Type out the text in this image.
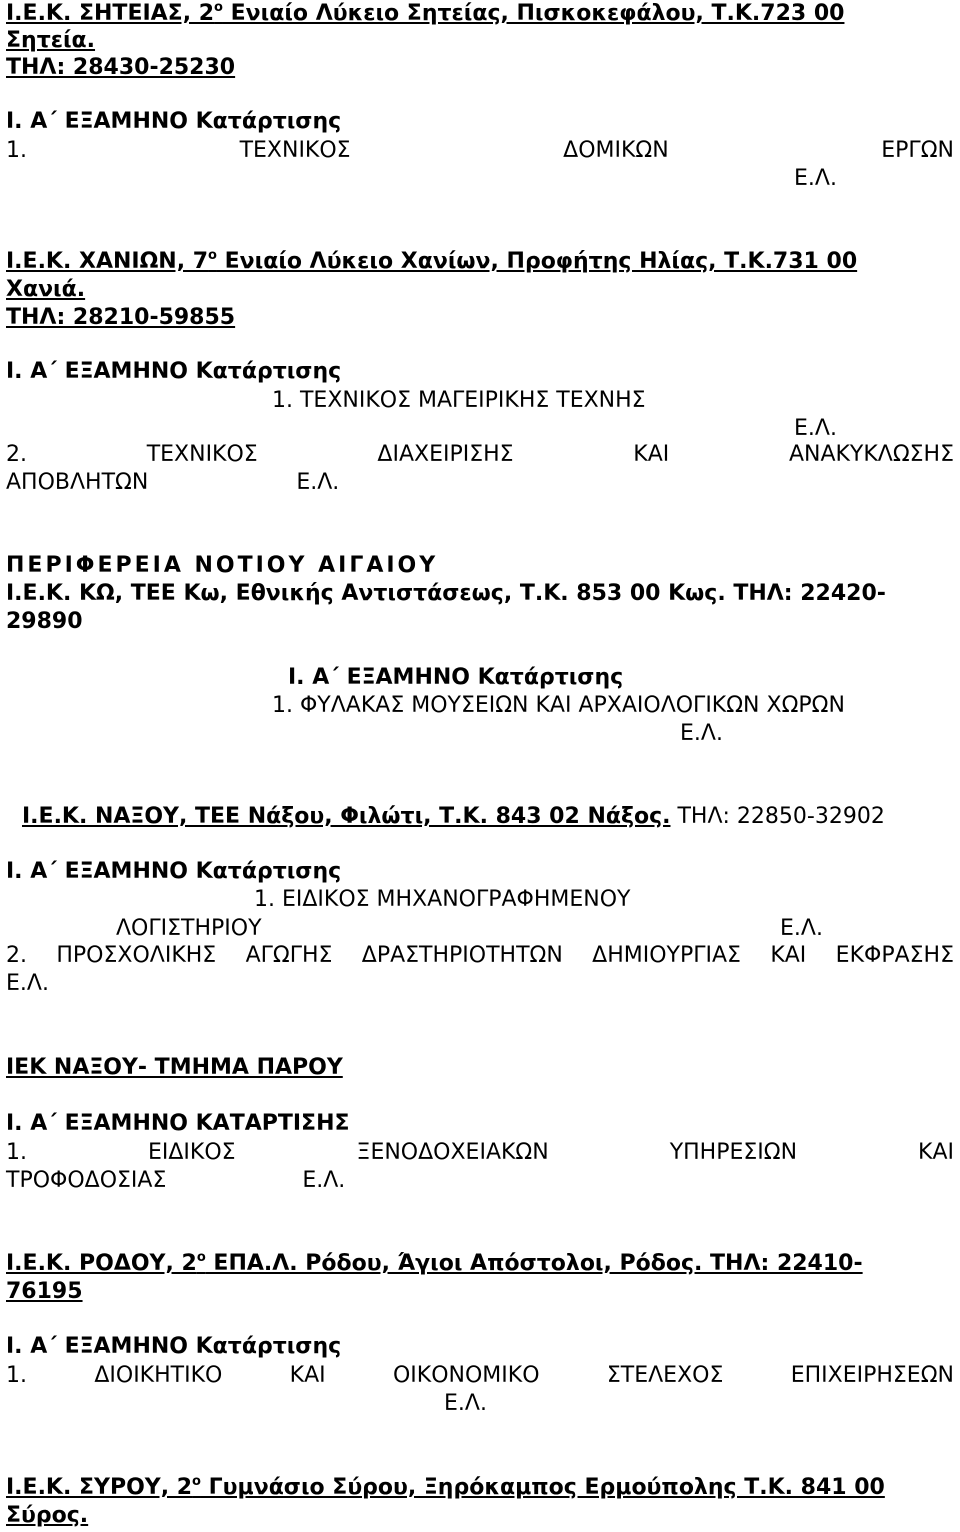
Ι.Ε.Κ. ΣΗΤΕΙΑΣ, $2^o$ Ενιαίο Λύκειο Σητείας, Πισκοκεφάλου, Τ.Κ.723 00
Σητεία.
ΤΗΛ: 28430-25230
Ι. Α΄ ΕΞΑΜΗΝΟ Κατάρτισης
1.	ΤΕΧΝΙΚΟΣ	ΔΟΜΙΚΩΝ	ΕΡΓΩΝ
Ε.Λ.
Ι.Ε.Κ. ΧΑΝΙΩΝ, $7^o$ Ενιαίο Λύκειο Χανίων, Προφήτης Ηλίας, Τ.Κ.731 00
Χανιά.
ΤΗΛ: 28210-59855
Ι. Α΄ ΕΞΑΜΗΝΟ Κατάρτισης
1. ΤΕΧΝΙΚΟΣ ΜΑΓΕΙΡΙΚΗΣ ΤΕΧΝΗΣ
Ε.Λ.
2.	ΤΕΧΝΙΚΟΣ	ΔΙΑΧΕΙΡΙΣΗΣ	ΚΑΙ	ΑΝΑΚΥΚΛΩΣΗΣ
ΑΠΟΒΛΗΤΩΝ	Ε.Λ.
ΠΕΡΙΦΕΡΕΙΑ ΝΟΤΙΟΥ ΑΙΓΑΙΟΥ
Ι.Ε.Κ. ΚΩ, ΤΕΕ Κω, Εθνικής Αντιστάσεως, Τ.Κ. 853 00 Κως. ΤΗΛ: 22420-
29890
Ι. Α΄ ΕΞΑΜΗΝΟ Κατάρτισης
1. ΦΥΛΑΚΑΣ ΜΟΥΣΕΙΩΝ ΚΑΙ ΑΡΧΑΙΟΛΟΓΙΚΩΝ ΧΩΡΩΝ
Ε.Λ.
Ι.Ε.Κ. ΝΑΞΟΥ, ΤΕΕ Νάξου, Φιλώτι, Τ.Κ. 843 02 Νάξος. ΤΗΛ: 22850-32902
Ι. Α΄ ΕΞΑΜΗΝΟ Κατάρτισης
1. ΕΙΔΙΚΟΣ ΜΗΧΑΝΟΓΡΑΦΗΜΕΝΟΥ
ΛΟΓΙΣΤΗΡΙΟΥ	Ε.Λ.
2. ΠΡΟΣΧΟΛΙΚΗΣ ΑΓΩΓΗΣ ΔΡΑΣΤΗΡΙΟΤΗΤΩΝ ΔΗΜΙΟΥΡΓΙΑΣ ΚΑΙ ΕΚΦΡΑΣΗΣ
Ε.Λ.
ΙΕΚ ΝΑΞΟΥ- ΤΜΗΜΑ ΠΑΡΟΥ
Ι. Α΄ ΕΞΑΜΗΝΟ ΚΑΤΑΡΤΙΣΗΣ
1.	ΕΙΔΙΚΟΣ	ΞΕΝΟΔΟΧΕΙΑΚΩΝ	ΥΠΗΡΕΣΙΩΝ	ΚΑΙ
ΤΡΟΦΟΔΟΣΙΑΣ	Ε.Λ.
Ι.Ε.Κ. ΡΟΔΟΥ, $2^o$ ΕΠΑ.Λ. Ρόδου, Άγιοι Απόστολοι, Ρόδος. ΤΗΛ: 22410-
76195
Ι. Α΄ ΕΞΑΜΗΝΟ Κατάρτισης
1.	ΔΙΟΙΚΗΤΙΚΟ	ΚΑΙ	ΟΙΚΟΝΟΜΙΚΟ	ΣΤΕΛΕΧΟΣ	ΕΠΙΧΕΙΡΗΣΕΩΝ
Ε.Λ.
Ι.Ε.Κ. ΣΥΡΟΥ, $2^o$ Γυμνάσιο Σύρου, Ξηρόκαμπος Ερμούπολης Τ.Κ. 841 00
Σύρος.
